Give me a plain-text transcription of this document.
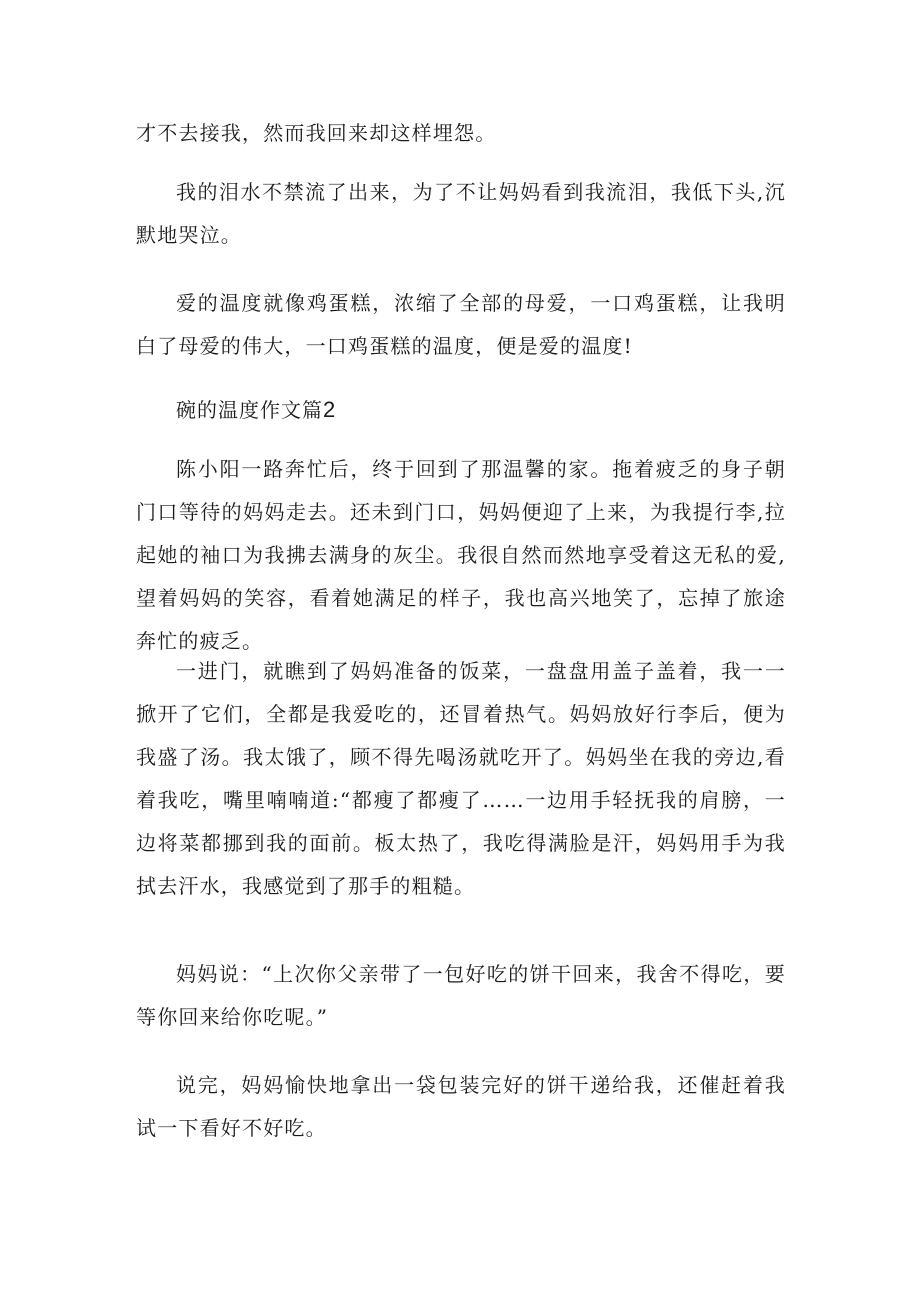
才不去接我，然而我回来却这样埋怨。

我的泪水不禁流了出来，为了不让妈妈看到我流泪，我低下头,沉默地哭泣。

爱的温度就像鸡蛋糕，浓缩了全部的母爱，一口鸡蛋糕，让我明白了母爱的伟大，一口鸡蛋糕的温度，便是爱的温度!

碗的温度作文篇2

陈小阳一路奔忙后，终于回到了那温馨的家。拖着疲乏的身子朝门口等待的妈妈走去。还未到门口，妈妈便迎了上来，为我提行李,拉起她的袖口为我拂去满身的灰尘。我很自然而然地享受着这无私的爱,望着妈妈的笑容，看着她满足的样子，我也高兴地笑了，忘掉了旅途奔忙的疲乏。

一进门，就瞧到了妈妈准备的饭菜，一盘盘用盖子盖着，我一一掀开了它们，全都是我爱吃的，还冒着热气。妈妈放好行李后，便为我盛了汤。我太饿了，顾不得先喝汤就吃开了。妈妈坐在我的旁边,看着我吃，嘴里喃喃道:“都瘦了都瘦了……一边用手轻抚我的肩膀，一边将菜都挪到我的面前。板太热了，我吃得满脸是汗，妈妈用手为我拭去汗水，我感觉到了那手的粗糙。

妈妈说：“上次你父亲带了一包好吃的饼干回来，我舍不得吃，要等你回来给你吃呢。”

说完，妈妈愉快地拿出一袋包装完好的饼干递给我，还催赶着我试一下看好不好吃。
